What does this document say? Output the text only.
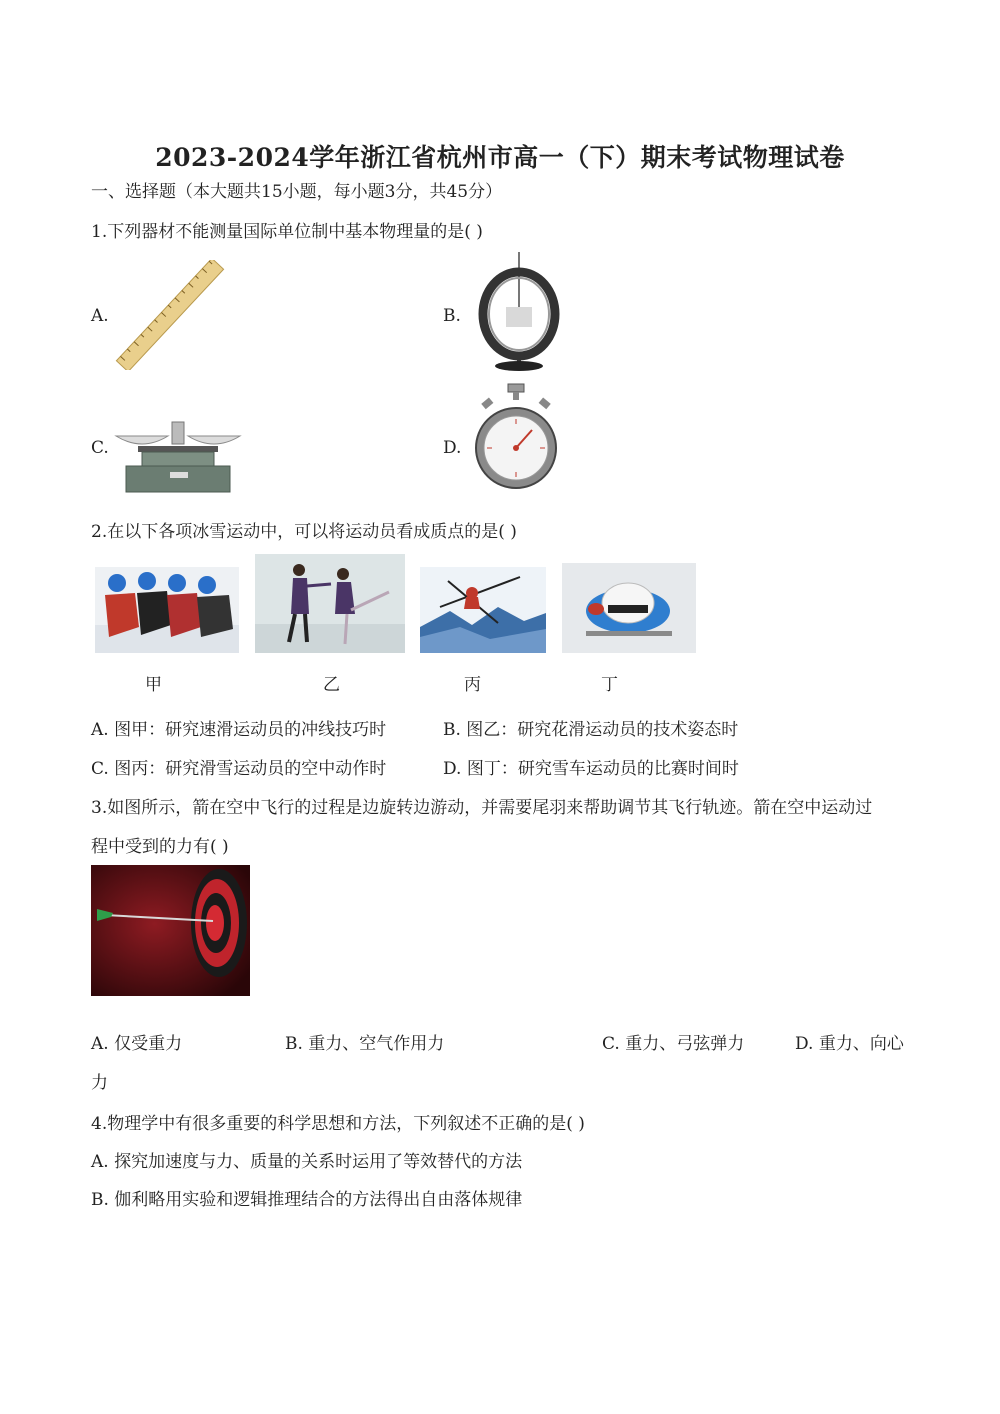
2023-2024学年浙江省杭州市高一（下）期末考试物理试卷
一、选择题（本大题共15小题，每小题3分，共45分）
1.下列器材不能测量国际单位制中基本物理量的是( )
A.	B.
C.	D.
2.在以下各项冰雪运动中，可以将运动员看成质点的是( )
甲	乙	丙	丁
A. 图甲：研究速滑运动员的冲线技巧时	B. 图乙：研究花滑运动员的技术姿态时
C. 图丙：研究滑雪运动员的空中动作时	D. 图丁：研究雪车运动员的比赛时间时
3.如图所示，箭在空中飞行的过程是边旋转边游动，并需要尾羽来帮助调节其飞行轨迹。箭在空中运动过
程中受到的力有( )
A. 仅受重力	B. 重力、空气作用力	C. 重力、弓弦弹力	D. 重力、向心
力
4.物理学中有很多重要的科学思想和方法，下列叙述不正确的是( )
A. 探究加速度与力、质量的关系时运用了等效替代的方法
B. 伽利略用实验和逻辑推理结合的方法得出自由落体规律
